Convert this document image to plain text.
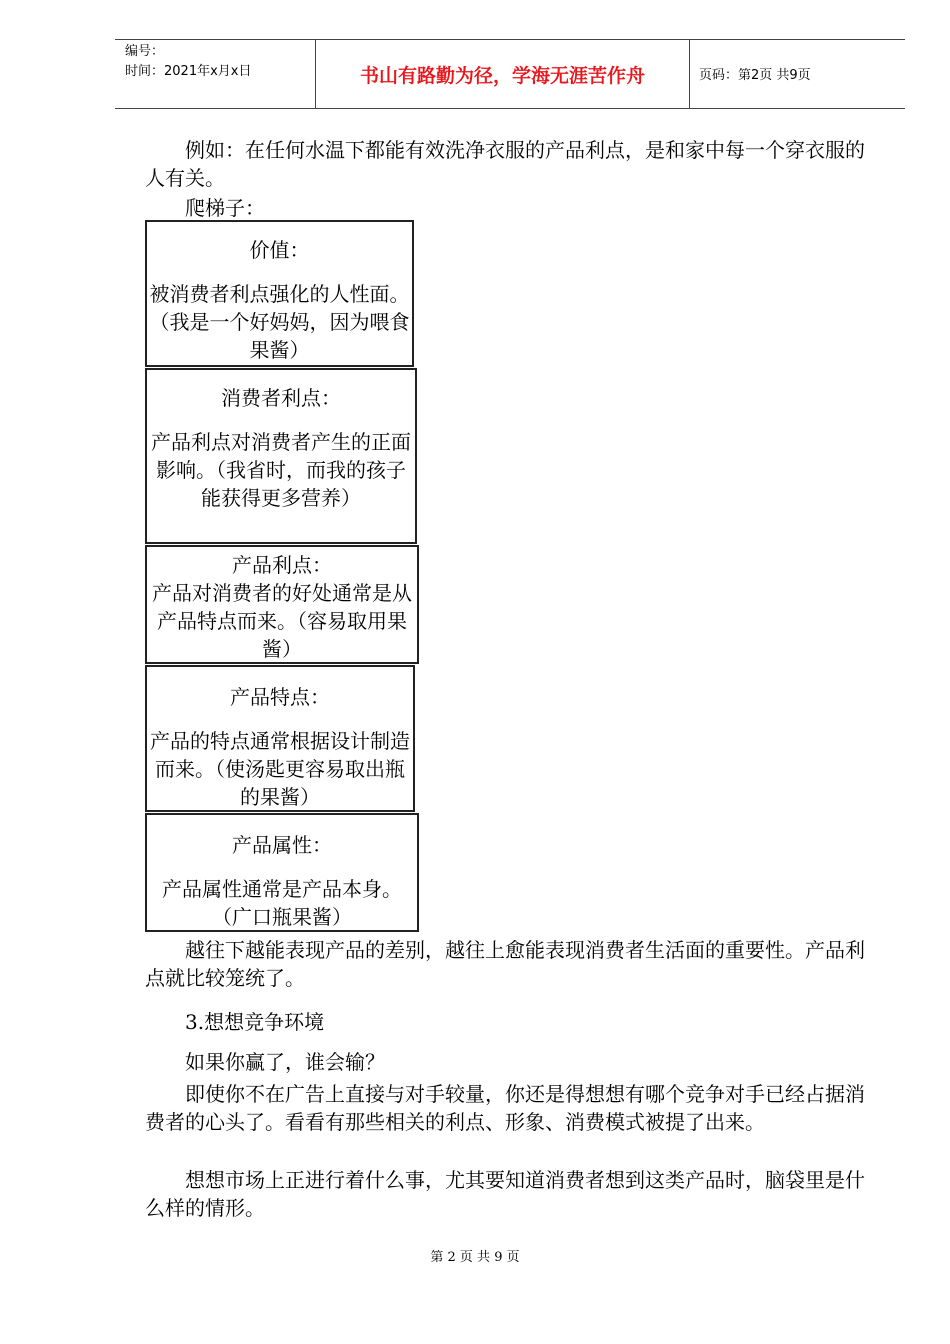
编号：
时间：2021年x月x日	书山有路勤为径，学海无涯苦作舟	页码：第2页 共9页
例如：在任何水温下都能有效洗净衣服的产品利点，是和家中每一个穿衣服的人有关。
爬梯子：
价值：
被消费者利点强化的人性面。（我是一个好妈妈，因为喂食果酱）
消费者利点：
产品利点对消费者产生的正面影响。（我省时，而我的孩子能获得更多营养）
产品利点：
产品对消费者的好处通常是从产品特点而来。（容易取用果酱）
产品特点：
产品的特点通常根据设计制造而来。（使汤匙更容易取出瓶的果酱）
产品属性：
产品属性通常是产品本身。（广口瓶果酱）
越往下越能表现产品的差别，越往上愈能表现消费者生活面的重要性。产品利点就比较笼统了。
3.想想竞争环境
如果你赢了，谁会输？
即使你不在广告上直接与对手较量，你还是得想想有哪个竞争对手已经占据消费者的心头了。看看有那些相关的利点、形象、消费模式被提了出来。
想想市场上正进行着什么事，尤其要知道消费者想到这类产品时，脑袋里是什么样的情形。
第 2 页 共 9 页
